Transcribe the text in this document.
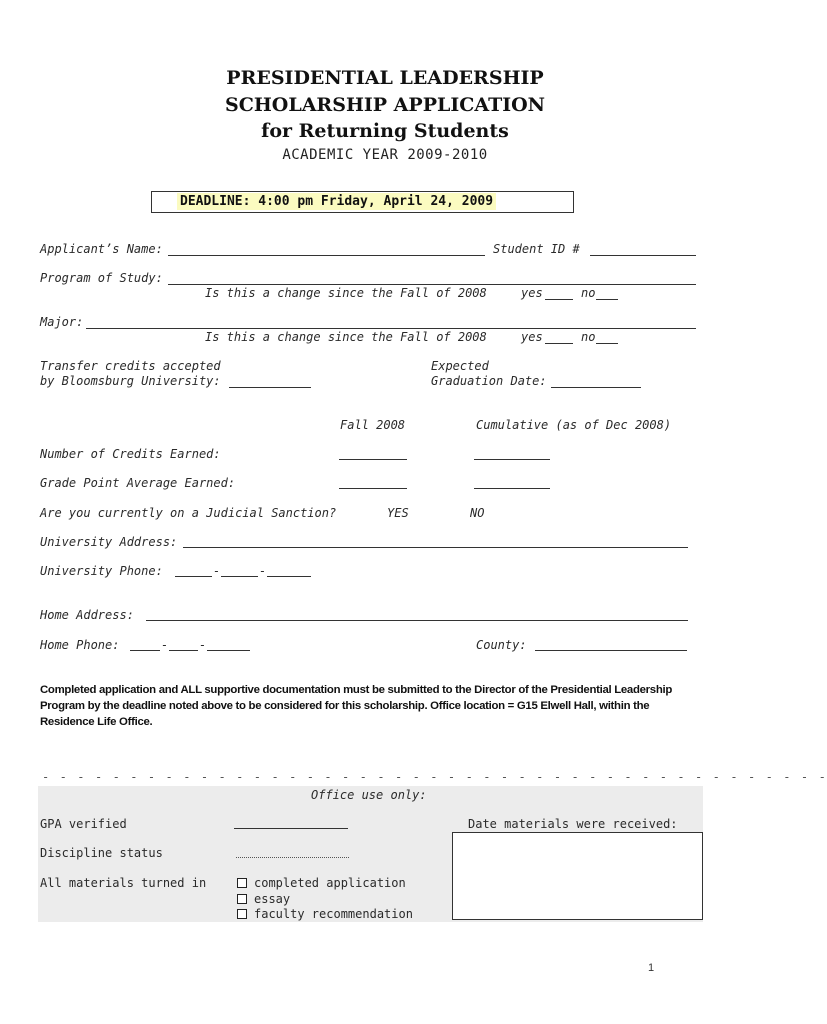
PRESIDENTIAL LEADERSHIP
SCHOLARSHIP APPLICATION
for Returning Students
ACADEMIC YEAR 2009-2010
DEADLINE: 4:00 pm Friday, April 24, 2009
Applicant’s Name:	Student ID #
Program of Study:
Is this a change since the Fall of 2008	yes	no
Major:
Is this a change since the Fall of 2008	yes	no
Transfer credits accepted
by Bloomsburg University:
Expected
Graduation Date:
Fall 2008	Cumulative (as of Dec 2008)
Number of Credits Earned:
Grade Point Average Earned:
Are you currently on a Judicial Sanction?	YES	NO
University Address:
University Phone:	-	-
Home Address:
Home Phone:	-	-	County:
Completed application and ALL supportive documentation must be submitted to the Director of the Presidential Leadership Program by the deadline noted above to be considered for this scholarship. Office location = G15 Elwell Hall, within the Residence Life Office.
- - - - - - - - - - - - - - - - - - - - - - - - - - - - - - - - - - - - - - - - - - - - -
Office use only:
GPA verified	Date materials were received:
Discipline status
All materials turned in	completed application
essay
faculty recommendation
1
